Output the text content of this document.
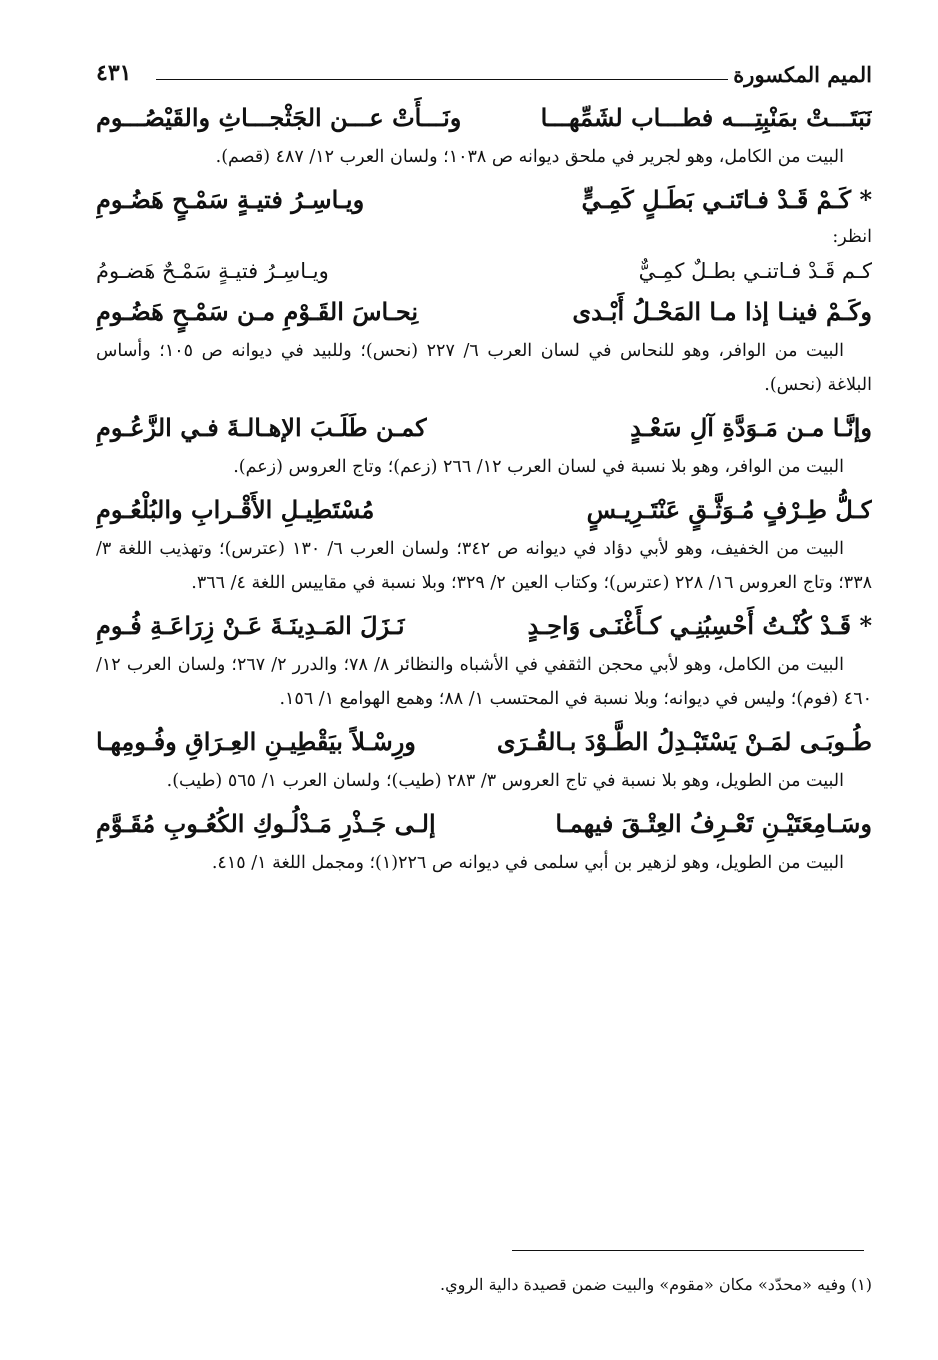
الميم المكسورة
٤٣١
نَبَتَـــتْ بمَنْبِتِـــه فطـــاب لشَمِّهـــا
ونَـــأَتْ عـــن الجَثْجـــاثِ والقَيْصُـــوم

البيت من الكامل، وهو لجرير في ملحق ديوانه ص ١٠٣٨؛ ولسان العرب ١٢/ ٤٨٧ (قصم).

* كَـمْ قَـدْ فـاتَنـي بَطَـلٍ كَمِـيٍّ
ويـاسِـرُ فتيـةٍ سَمْـحٍ هَضُـومِ

انظر:

كـم قَـدْ فـاتنـي بطـلٌ كمِـيٌّ
ويـاسِـرُ فتيـةٍ سَمْـحٌ هَضـومُ
وكَـمْ فينـا إذا مـا المَحْـلُ أَبْـدى
نِحـاسَ القَـوْمِ مـن سَمْـحٍ هَضُـومِ

البيت من الوافر، وهو للنحاس في لسان العرب ٦/ ٢٢٧ (نحس)؛ وللبيد في ديوانه ص ١٠٥؛ وأساس البلاغة (نحس).

وإنَّـا مـن مَـوَدَّةِ آلِ سَعْـدٍ
كمـن طَلَـبَ الإهـالـةَ فـي الزَّعُـومِ

البيت من الوافر، وهو بلا نسبة في لسان العرب ١٢/ ٢٦٦ (زعم)؛ وتاج العروس (زعم).

كـلُّ طِـرْفٍ مُـوَثَّـقٍ عَنْتَـرِيـسٍ
مُسْتَطِيـلِ الأَقْـرابِ والبُلْعُـومِ

البيت من الخفيف، وهو لأبي دؤاد في ديوانه ص ٣٤٢؛ ولسان العرب ٦/ ١٣٠ (عترس)؛ وتهذيب اللغة ٣/ ٣٣٨؛ وتاج العروس ١٦/ ٢٢٨ (عترس)؛ وكتاب العين ٢/ ٣٢٩؛ وبلا نسبة في مقاييس اللغة ٤/ ٣٦٦.

* قَـدْ كُنْـتُ أَحْسِبُنِـي كـأَغْنَـى وَاحِـدٍ
نَـزَلَ المَـدِينَـةَ عَـنْ زِرَاعَـةِ فُـومِ

البيت من الكامل، وهو لأبي محجن الثقفي في الأشباه والنظائر ٨/ ٧٨؛ والدرر ٢/ ٢٦٧؛ ولسان العرب ١٢/ ٤٦٠ (فوم)؛ وليس في ديوانه؛ وبلا نسبة في المحتسب ١/ ٨٨؛ وهمع الهوامع ١/ ١٥٦.

طُـوبَـى لمَـنْ يَسْتَبْـدِلُ الطَّـوْدَ بـالقُـرَى
ورِسْـلاً بيَقْطِيـنِ العِـرَاقِ وفُـومِهـا

البيت من الطويل، وهو بلا نسبة في تاج العروس ٣/ ٢٨٣ (طيب)؛ ولسان العرب ١/ ٥٦٥ (طيب).

وسَـامِعَتَيْـنِ تَعْـرِفُ العِتْـقَ فيهمـا
إلـى جَـذْرِ مَـدْلُـوكِ الكُعُـوبِ مُقَـوَّمِ

البيت من الطويل، وهو لزهير بن أبي سلمى في ديوانه ص ٢٢٦(١)؛ ومجمل اللغة ١/ ٤١٥.

(١) وفيه «محدّد» مكان «مقوم» والبيت ضمن قصيدة دالية الروي.
